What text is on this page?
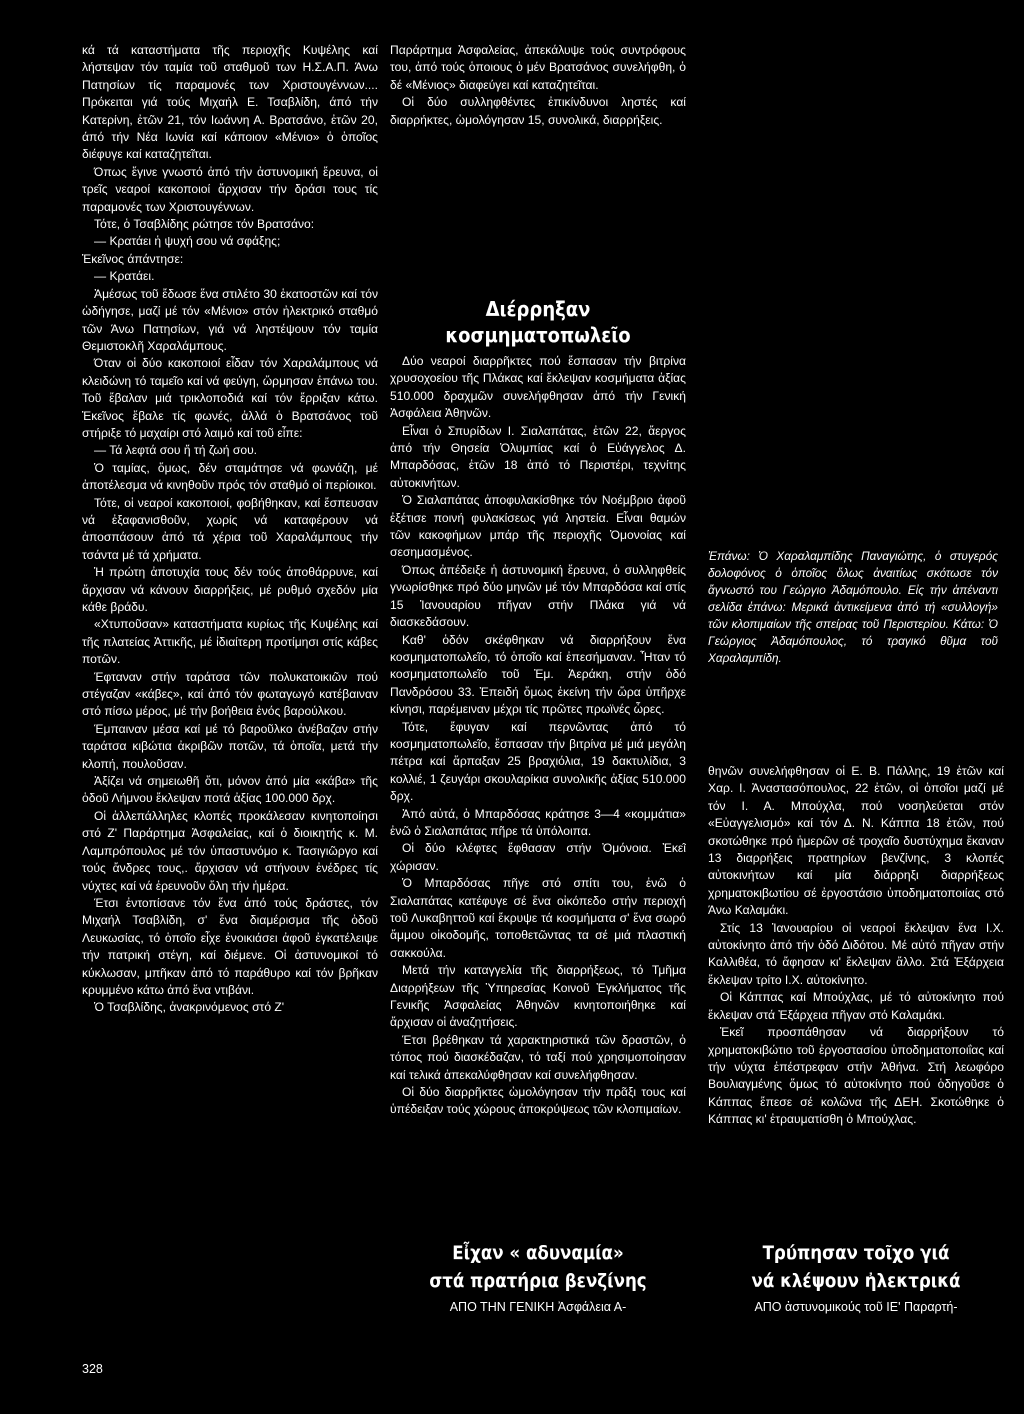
κά τά καταστήματα τῆς περιοχῆς Κυψέλης καί λήστεψαν τόν ταμία τοῦ σταθμοῦ των Η.Σ.Α.Π. Άνω Πατησίων τίς παραμονές των Χριστουγέννων.... Πρόκειται γιά τούς Μιχαήλ Ε. Τσαβλίδη, άπό τήν Κατερίνη, ἐτῶν 21, τόν Ιωάννη Α. Βρατσάνο, ἐτῶν 20, άπό τήν Νέα Ιωνία καί κάποιον «Μένιο» ὁ ὁποῖος διέφυγε καί καταζητεῖται.

Όπως ἔγινε γνωστό ἀπό τήν ἀστυνομική ἔρευνα, οἱ τρεῖς νεαροί κακοποιοί ἄρχισαν τήν δράσι τους τίς παραμονές των Χριστουγέννων.

Τότε, ὁ Τσαβλίδης ρώτησε τόν Βρατσάνο:

— Κρατάει ἡ ψυχή σου νά σφάξης;

Ἐκεῖνος άπάντησε:

— Κρατάει.

Ἀμέσως τοῦ ἔδωσε ἕνα στιλέτο 30 ἑκατοστῶν καί τόν ὡδήγησε, μαζί μέ τόν «Μένιο» στόν ἠλεκτρικό σταθμό τῶν Άνω Πατησίων, γιά νά ληστέψουν τόν ταμία Θεμιστοκλῆ Χαραλάμπους.

Όταν οἱ δύο κακοποιοί εἶδαν τόν Χαραλάμπους νά κλειδώνη τό ταμεῖο καί νά φεύγη, ὥρμησαν ἐπάνω του. Τοῦ ἔβαλαν μιά τρικλοποδιά καί τόν ἔρριξαν κάτω. Ἐκεῖνος ἔβαλε τίς φωνές, ἀλλά ὁ Βρατσάνος τοῦ στήριξε τό μαχαίρι στό λαιμό καί τοῦ εἶπε:

— Τά λεφτά σου ἤ τή ζωή σου.

Ὁ ταμίας, ὅμως, δέν σταμάτησε νά φωνάζη, μέ ἀποτέλεσμα νά κινηθοῦν πρός τόν σταθμό οἱ περίοικοι.

Τότε, οἱ νεαροί κακοποιοί, φοβήθηκαν, καί ἔσπευσαν νά ἐξαφανισθοῦν, χωρίς νά καταφέρουν νά ἀποσπάσουν ἀπό τά χέρια τοῦ Χαραλάμπους τήν τσάντα μέ τά χρήματα.

Ἡ πρώτη ἀποτυχία τους δέν τούς ἀποθάρρυνε, καί ἄρχισαν νά κάνουν διαρρήξεις, μέ ρυθμό σχεδόν μία κάθε βράδυ.

«Χτυποῦσαν» καταστήματα κυρίως τῆς Κυψέλης καί τῆς πλατείας Ἀττικῆς, μέ ἰδιαίτερη προτίμησι στίς κάβες ποτῶν.

Έφταναν στήν ταράτσα τῶν πολυκατοικιῶν πού στέγαζαν «κάβες», καί ἀπό τόν φωταγωγό κατέβαιναν στό πίσω μέρος, μέ τήν βοήθεια ἑνός βαρούλκου.

Έμπαιναν μέσα καί μέ τό βαροῦλκο ἀνέβαζαν στήν ταράτσα κιβώτια ἀκριβῶν ποτῶν, τά ὁποῖα, μετά τήν κλοπή, πουλοῦσαν.

Ἀξίζει νά σημειωθῆ ὅτι, μόνον ἀπό μία «κάβα» τῆς ὁδοῦ Λήμνου ἔκλεψαν ποτά ἀξίας 100.000 δρχ.

Οἱ ἀλλεπάλληλες κλοπές προκάλεσαν κινητοποίησι στό Ζ' Παράρτημα Ἀσφαλείας, καί ὁ διοικητής κ. Μ. Λαμπρόπουλος μέ τόν ὑπαστυνόμο κ. Τασιγιῶργο καί τούς ἄνδρες τους,. ἄρχισαν νά στήνουν ἐνέδρες τίς νύχτες καί νά ἐρευνοῦν ὅλη τήν ἡμέρα.

Έτσι ἐντοπίσανε τόν ἕνα ἀπό τούς δράστες, τόν Μιχαήλ Τσαβλίδη, σ' ἕνα διαμέρισμα τῆς ὁδοῦ Λευκωσίας, τό ὁποῖο εἶχε ἐνοικιάσει ἀφοῦ ἐγκατέλειψε τήν πατρική στέγη, καί διέμενε. Οἱ ἀστυνομικοί τό κύκλωσαν, μπῆκαν ἀπό τό παράθυρο καί τόν βρῆκαν κρυμμένο κάτω ἀπό ἕνα ντιβάνι.

Ὁ Τσαβλίδης, ἀνακρινόμενος στό Ζ'

Παράρτημα Ἀσφαλείας, ἀπεκάλυψε τούς συντρόφους του, ἀπό τούς ὁποιους ὁ μέν Βρατσάνος συνελήφθη, ὁ δέ «Μένιος» διαφεύγει καί καταζητεῖται.

Οἱ δύο συλληφθέντες ἐπικίνδυνοι ληστές καί διαρρήκτες, ὡμολόγησαν 15, συνολικά, διαρρήξεις.

Διέρρηξαν κοσμηματοπωλεῖο

Δύο νεαροί διαρρῆκτες πού ἔσπασαν τήν βιτρίνα χρυσοχοείου τῆς Πλάκας καί ἔκλεψαν κοσμήματα ἀξίας 510.000 δραχμῶν συνελήφθησαν ἀπό τήν Γενική Ἀσφάλεια Ἀθηνῶν.

Εἶναι ὁ Σπυρίδων Ι. Σιαλαπάτας, ἐτῶν 22, ἄεργος ἀπό τήν Θησεία Ὀλυμπίας καί ὁ Εὐάγγελος Δ. Μπαρδόσας, ἐτῶν 18 ἀπό τό Περιστέρι, τεχνίτης αὐτοκινήτων.

Ὁ Σιαλαπάτας ἀποφυλακίσθηκε τόν Νοέμβριο ἀφοῦ ἐξέτισε ποινή φυλακίσεως γιά ληστεία. Εἶναι θαμών τῶν κακοφήμων μπάρ τῆς περιοχῆς Ὀμονοίας καί σεσημασμένος.

Όπως ἀπέδειξε ἡ ἀστυνομική ἔρευνα, ὁ συλληφθείς γνωρίσθηκε πρό δύο μηνῶν μέ τόν Μπαρδόσα καί στίς 15 Ἰανουαρίου πῆγαν στήν Πλάκα γιά νά διασκεδάσουν.

Καθ' ὁδόν σκέφθηκαν νά διαρρήξουν ἕνα κοσμηματοπωλεῖο, τό ὁποῖο καί ἐπεσήμαναν. Ἦταν τό κοσμηματοπωλεῖο τοῦ Ἐμ. Ἀεράκη, στήν ὁδό Πανδρόσου 33. Ἐπειδή ὅμως ἐκείνη τήν ὥρα ὑπῆρχε κίνησι, παρέμειναν μέχρι τίς πρῶτες πρωϊνές ὧρες.

Τότε, ἔφυγαν καί περνῶντας ἀπό τό κοσμηματοπωλεῖο, ἔσπασαν τήν βιτρίνα μέ μιά μεγάλη πέτρα καί ἅρπαξαν 25 βραχιόλια, 19 δακτυλίδια, 3 κολλιέ, 1 ζευγάρι σκουλαρίκια συνολικῆς ἀξίας 510.000 δρχ.

Ἀπό αὐτά, ὁ Μπαρδόσας κράτησε 3—4 «κομμάτια» ἐνῶ ὁ Σιαλαπάτας πῆρε τά ὑπόλοιπα.

Οἱ δύο κλέφτες ἔφθασαν στήν Ὀμόνοια. Ἐκεῖ χώρισαν.

Ὁ Μπαρδόσας πῆγε στό σπίτι του, ἐνῶ ὁ Σιαλαπάτας κατέφυγε σέ ἕνα οἰκόπεδο στήν περιοχή τοῦ Λυκαβηττοῦ καί ἔκρυψε τά κοσμήματα σ' ἕνα σωρό ἄμμου οἰκοδομῆς, τοποθετῶντας τα σέ μιά πλαστική σακκούλα.

Μετά τήν καταγγελία τῆς διαρρήξεως, τό Τμῆμα Διαρρήξεων τῆς Ὑπηρεσίας Κοινοῦ Ἐγκλήματος τῆς Γενικῆς Ἀσφαλείας Ἀθηνῶν κινητοποιήθηκε καί ἄρχισαν οἱ ἀναζητήσεις.

Έτσι βρέθηκαν τά χαρακτηριστικά τῶν δραστῶν, ὁ τόπος πού διασκέδαζαν, τό ταξί πού χρησιμοποίησαν καί τελικά ἀπεκαλύφθησαν καί συνελήφθησαν.

Οἱ δύο διαρρῆκτες ὡμολόγησαν τήν πρᾶξι τους καί ὑπέδειξαν τούς χώρους ἀποκρύψεως τῶν κλοπιμαίων.

Ἐπάνω: Ὁ Χαραλαμπίδης Παναγιώτης, ὁ στυγερός δολοφόνος ὁ ὁποῖος ὅλως ἀναιτίως σκότωσε τόν ἄγνωστό του Γεώργιο Ἀδαμόπουλο. Εἰς τήν ἀπέναντι σελίδα ἐπάνω: Μερικά ἀντικείμενα ἀπό τή «συλλογή» τῶν κλοπιμαίων τῆς σπείρας τοῦ Περιστερίου. Κάτω: Ὁ Γεώργιος Ἀδαμόπουλος, τό τραγικό θῦμα τοῦ Χαραλαμπίδη.

θηνῶν συνελήφθησαν οἱ Ε. Β. Πάλλης, 19 ἐτῶν καί Χαρ. Ι. Ἀναστασόπουλος, 22 ἐτῶν, οἱ ὁποῖοι μαζί μέ τόν Ι. Α. Μπούχλα, πού νοσηλεύεται στόν «Εὐαγγελισμό» καί τόν Δ. Ν. Κάππα 18 ἐτῶν, πού σκοτώθηκε πρό ἡμερῶν σέ τροχαῖο δυστύχημα ἔκαναν 13 διαρρήξεις πρατηρίων βενζίνης, 3 κλοπές αὐτοκινήτων καί μία διάρρηξι διαρρήξεως χρηματοκιβωτίου σέ ἐργοστάσιο ὑποδηματοποιίας στό Άνω Καλαμάκι.

Στίς 13 Ἰανουαρίου οἱ νεαροί ἔκλεψαν ἕνα Ι.Χ. αὐτοκίνητο ἀπό τήν ὁδό Διδότου. Μέ αὐτό πῆγαν στήν Καλλιθέα, τό ἄφησαν κι' ἔκλεψαν ἄλλο. Στά Ἐξάρχεια ἔκλεψαν τρίτο Ι.Χ. αὐτοκίνητο.

Οἱ Κάππας καί Μπούχλας, μέ τό αὐτοκίνητο πού ἔκλεψαν στά Ἐξάρχεια πῆγαν στό Καλαμάκι.

Ἐκεῖ προσπάθησαν νά διαρρήξουν τό χρηματοκιβώτιο τοῦ ἐργοστασίου ὑποδηματοποιΐας καί τήν νύχτα ἐπέστρεφαν στήν Ἀθήνα. Στή λεωφόρο Βουλιαγμένης ὅμως τό αὐτοκίνητο πού ὁδηγοῦσε ὁ Κάππας ἔπεσε σέ κολῶνα τῆς ΔΕΗ. Σκοτώθηκε ὁ Κάππας κι' ἐτραυματίσθη ὁ Μπούχλας.

Εἶχαν « αδυναμία»
στά πρατήρια βενζίνης
ΑΠΟ ΤΗΝ ΓΕΝΙΚΗ Ἀσφάλεια Α-
Τρύπησαν τοῖχο γιά
νά κλέψουν ἠλεκτρικά
ΑΠΟ ἀστυνομικούς τοῦ ΙΕ' Παραρτή-
328
